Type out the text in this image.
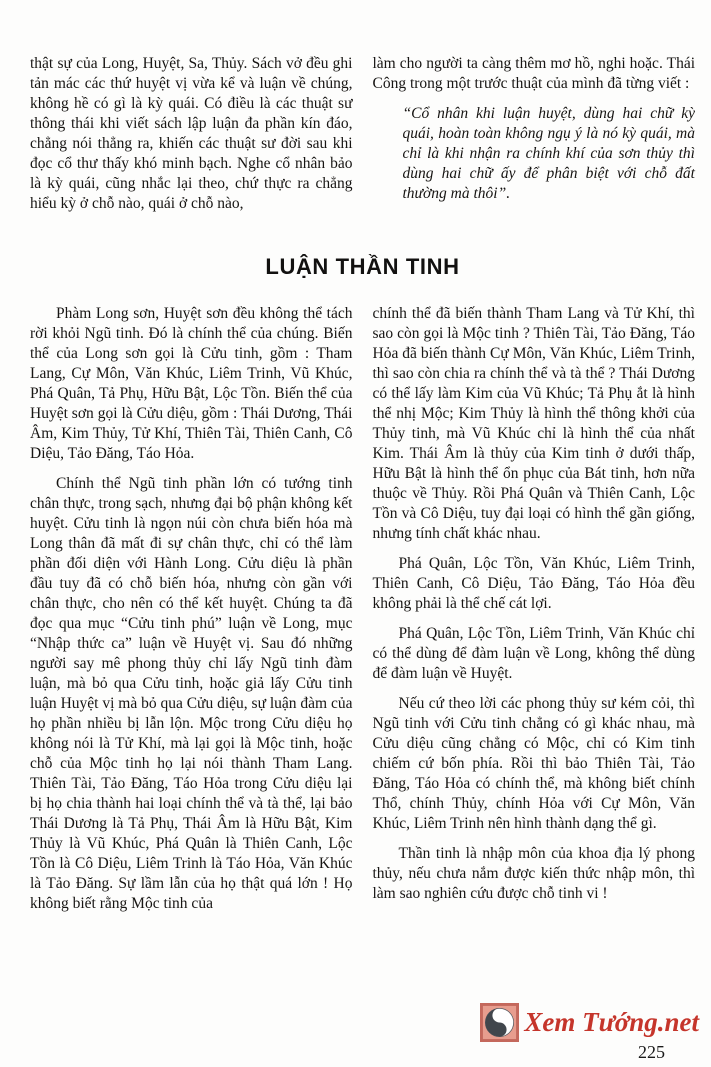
thật sự của Long, Huyệt, Sa, Thủy. Sách vở đều ghi tản mác các thứ huyệt vị vừa kể và luận về chúng, không hề có gì là kỳ quái. Có điều là các thuật sư thông thái khi viết sách lập luận đa phần kín đáo, chẳng nói thẳng ra, khiến các thuật sư đời sau khi đọc cổ thư thấy khó minh bạch. Nghe cổ nhân bảo là kỳ quái, cũng nhắc lại theo, chứ thực ra chẳng hiểu kỳ ở chỗ nào, quái ở chỗ nào,

làm cho người ta càng thêm mơ hồ, nghi hoặc. Thái Công trong một trước thuật của mình đã từng viết :

“Cổ nhân khi luận huyệt, dùng hai chữ kỳ quái, hoàn toàn không ngụ ý là nó kỳ quái, mà chỉ là khi nhận ra chính khí của sơn thủy thì dùng hai chữ ấy để phân biệt với chỗ đất thường mà thôi”.

LUẬN THẦN TINH

Phàm Long sơn, Huyệt sơn đều không thể tách rời khỏi Ngũ tinh. Đó là chính thể của chúng. Biến thể của Long sơn gọi là Cửu tinh, gồm : Tham Lang, Cự Môn, Văn Khúc, Liêm Trinh, Vũ Khúc, Phá Quân, Tả Phụ, Hữu Bật, Lộc Tồn. Biến thể của Huyệt sơn gọi là Cửu diệu, gồm : Thái Dương, Thái Âm, Kim Thủy, Tử Khí, Thiên Tài, Thiên Canh, Cô Diệu, Tảo Đăng, Táo Hỏa.

Chính thể Ngũ tinh phần lớn có tướng tinh chân thực, trong sạch, nhưng đại bộ phận không kết huyệt. Cửu tinh là ngọn núi còn chưa biến hóa mà Long thân đã mất đi sự chân thực, chỉ có thể làm phần đối diện với Hành Long. Cửu diệu là phần đầu tuy đã có chỗ biến hóa, nhưng còn gần với chân thực, cho nên có thể kết huyệt. Chúng ta đã đọc qua mục “Cửu tinh phú” luận về Long, mục “Nhập thức ca” luận về Huyệt vị. Sau đó những người say mê phong thủy chỉ lấy Ngũ tinh đàm luận, mà bỏ qua Cửu tinh, hoặc giả lấy Cửu tinh luận Huyệt vị mà bỏ qua Cửu diệu, sự luận đàm của họ phần nhiều bị lẫn lộn. Mộc trong Cửu diệu họ không nói là Tử Khí, mà lại gọi là Mộc tinh, hoặc chỗ của Mộc tinh họ lại nói thành Tham Lang. Thiên Tài, Tảo Đăng, Táo Hỏa trong Cửu diệu lại bị họ chia thành hai loại chính thể và tà thể, lại bảo Thái Dương là Tả Phụ, Thái Âm là Hữu Bật, Kim Thủy là Vũ Khúc, Phá Quân là Thiên Canh, Lộc Tồn là Cô Diệu, Liêm Trinh là Táo Hỏa, Văn Khúc là Tảo Đăng. Sự lầm lẫn của họ thật quá lớn ! Họ không biết rằng Mộc tinh của

chính thể đã biến thành Tham Lang và Tử Khí, thì sao còn gọi là Mộc tinh ? Thiên Tài, Tảo Đăng, Táo Hỏa đã biến thành Cự Môn, Văn Khúc, Liêm Trinh, thì sao còn chia ra chính thể và tà thể ? Thái Dương có thể lấy làm Kim của Vũ Khúc; Tả Phụ ắt là hình thể nhị Mộc; Kim Thủy là hình thể thông khởi của Thủy tinh, mà Vũ Khúc chỉ là hình thể của nhất Kim. Thái Âm là thủy của Kim tinh ở dưới thấp, Hữu Bật là hình thể ổn phục của Bát tinh, hơn nữa thuộc về Thủy. Rồi Phá Quân và Thiên Canh, Lộc Tồn và Cô Diệu, tuy đại loại có hình thể gần giống, nhưng tính chất khác nhau.

Phá Quân, Lộc Tồn, Văn Khúc, Liêm Trinh, Thiên Canh, Cô Diệu, Tảo Đăng, Táo Hỏa đều không phải là thể chế cát lợi.

Phá Quân, Lộc Tồn, Liêm Trinh, Văn Khúc chỉ có thể dùng để đàm luận về Long, không thể dùng để đàm luận về Huyệt.

Nếu cứ theo lời các phong thủy sư kém cỏi, thì Ngũ tinh với Cửu tinh chẳng có gì khác nhau, mà Cửu diệu cũng chẳng có Mộc, chỉ có Kim tinh chiếm cứ bốn phía. Rồi thì bảo Thiên Tài, Tảo Đăng, Táo Hỏa có chính thể, mà không biết chính Thổ, chính Thủy, chính Hỏa với Cự Môn, Văn Khúc, Liêm Trinh nên hình thành dạng thể gì.

Thần tinh là nhập môn của khoa địa lý phong thủy, nếu chưa nắm được kiến thức nhập môn, thì làm sao nghiên cứu được chỗ tinh vi !

Xem Tướng.net
225
